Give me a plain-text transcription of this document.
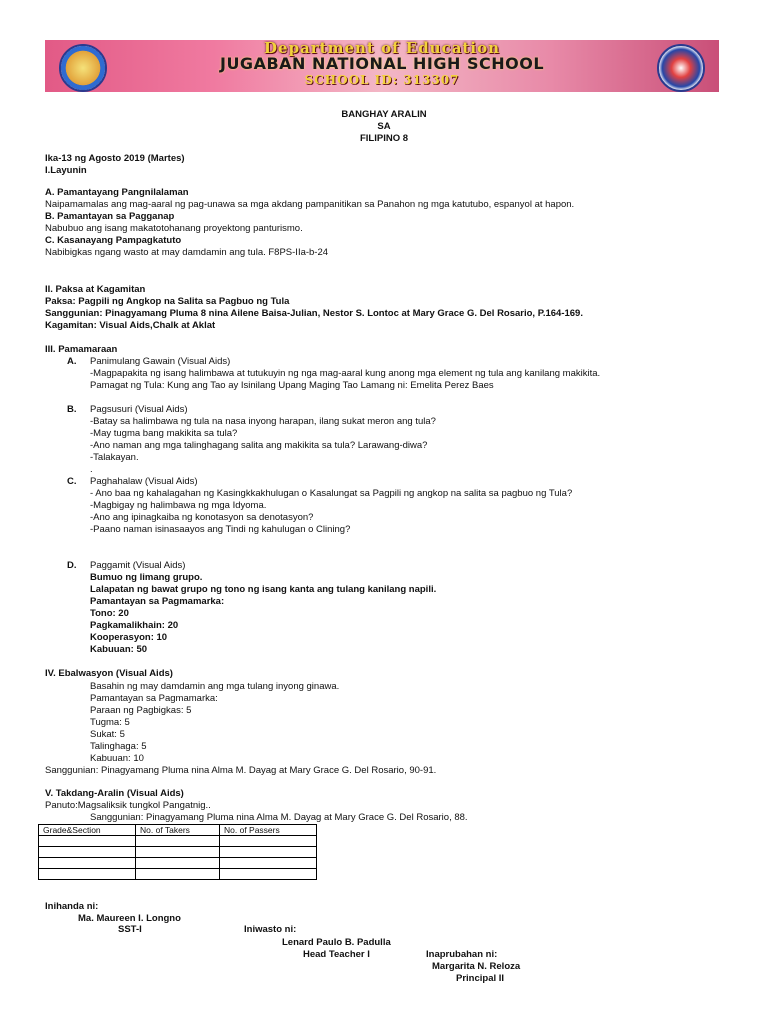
Department of Education
JUGABAN NATIONAL HIGH SCHOOL
SCHOOL ID: 313307
BANGHAY ARALIN
SA
FILIPINO 8
Ika-13 ng Agosto 2019 (Martes)
I.Layunin
A. Pamantayang Pangnilalaman
Naipamamalas ang mag-aaral ng pag-unawa sa mga akdang pampanitikan sa Panahon ng mga katutubo, espanyol at hapon.
B. Pamantayan sa Pagganap
Nabubuo ang isang makatotohanang proyektong panturismo.
C. Kasanayang Pampagkatuto
Nabibigkas ngang wasto at may damdamin ang tula. F8PS-IIa-b-24
II. Paksa at Kagamitan
Paksa: Pagpili ng Angkop na Salita sa Pagbuo ng Tula
Sanggunian: Pinagyamang Pluma 8 nina Ailene Baisa-Julian, Nestor S. Lontoc at Mary Grace G. Del Rosario, P.164-169.
Kagamitan: Visual Aids,Chalk at Aklat
III. Pamamaraan
A. Panimulang Gawain (Visual Aids)
-Magpapakita ng isang halimbawa at tutukuyin ng nga mag-aaral kung anong mga element ng tula ang kanilang makikita.
Pamagat ng Tula: Kung ang Tao ay Isinilang Upang Maging Tao Lamang ni: Emelita Perez Baes
B. Pagsusuri (Visual Aids)
-Batay sa halimbawa ng tula na nasa inyong harapan, ilang sukat meron ang tula?
-May tugma bang makikita sa tula?
-Ano naman ang mga talinghagang salita ang makikita sa tula? Larawang-diwa?
-Talakayan.
.
C. Paghahalaw (Visual Aids)
- Ano baa ng kahalagahan ng Kasingkkakhulugan o Kasalungat sa Pagpili ng angkop na salita sa pagbuo ng Tula?
-Magbigay ng halimbawa ng mga Idyoma.
-Ano ang ipinagkaiba ng konotasyon sa denotasyon?
-Paano naman isinasaayos ang Tindi ng kahulugan o Clining?
D. Paggamit (Visual Aids)
Bumuo ng limang grupo.
Lalapatan ng bawat grupo ng tono ng isang kanta ang tulang kanilang napili.
Pamantayan sa Pagmamarka:
Tono: 20
Pagkamalikhain: 20
Kooperasyon: 10
Kabuuan: 50
IV. Ebalwasyon (Visual Aids)
Basahin ng may damdamin ang mga tulang inyong ginawa.
Pamantayan sa Pagmamarka:
Paraan ng Pagbigkas: 5
Tugma: 5
Sukat: 5
Talinghaga: 5
Kabuuan: 10
Sanggunian: Pinagyamang Pluma nina Alma M. Dayag at Mary Grace G. Del Rosario, 90-91.
V. Takdang-Aralin (Visual Aids)
Panuto:Magsaliksik tungkol Pangatnig..
Sanggunian: Pinagyamang Pluma nina Alma M. Dayag at Mary Grace G. Del Rosario, 88.
Grade&Section	No. of Takers	No. of Passers

Inihanda ni:
Ma. Maureen I. Longno
SST-I	Iniwasto ni:
Lenard Paulo B. Padulla
Head Teacher I	Inaprubahan ni:
Margarita N. Reloza
Principal II
